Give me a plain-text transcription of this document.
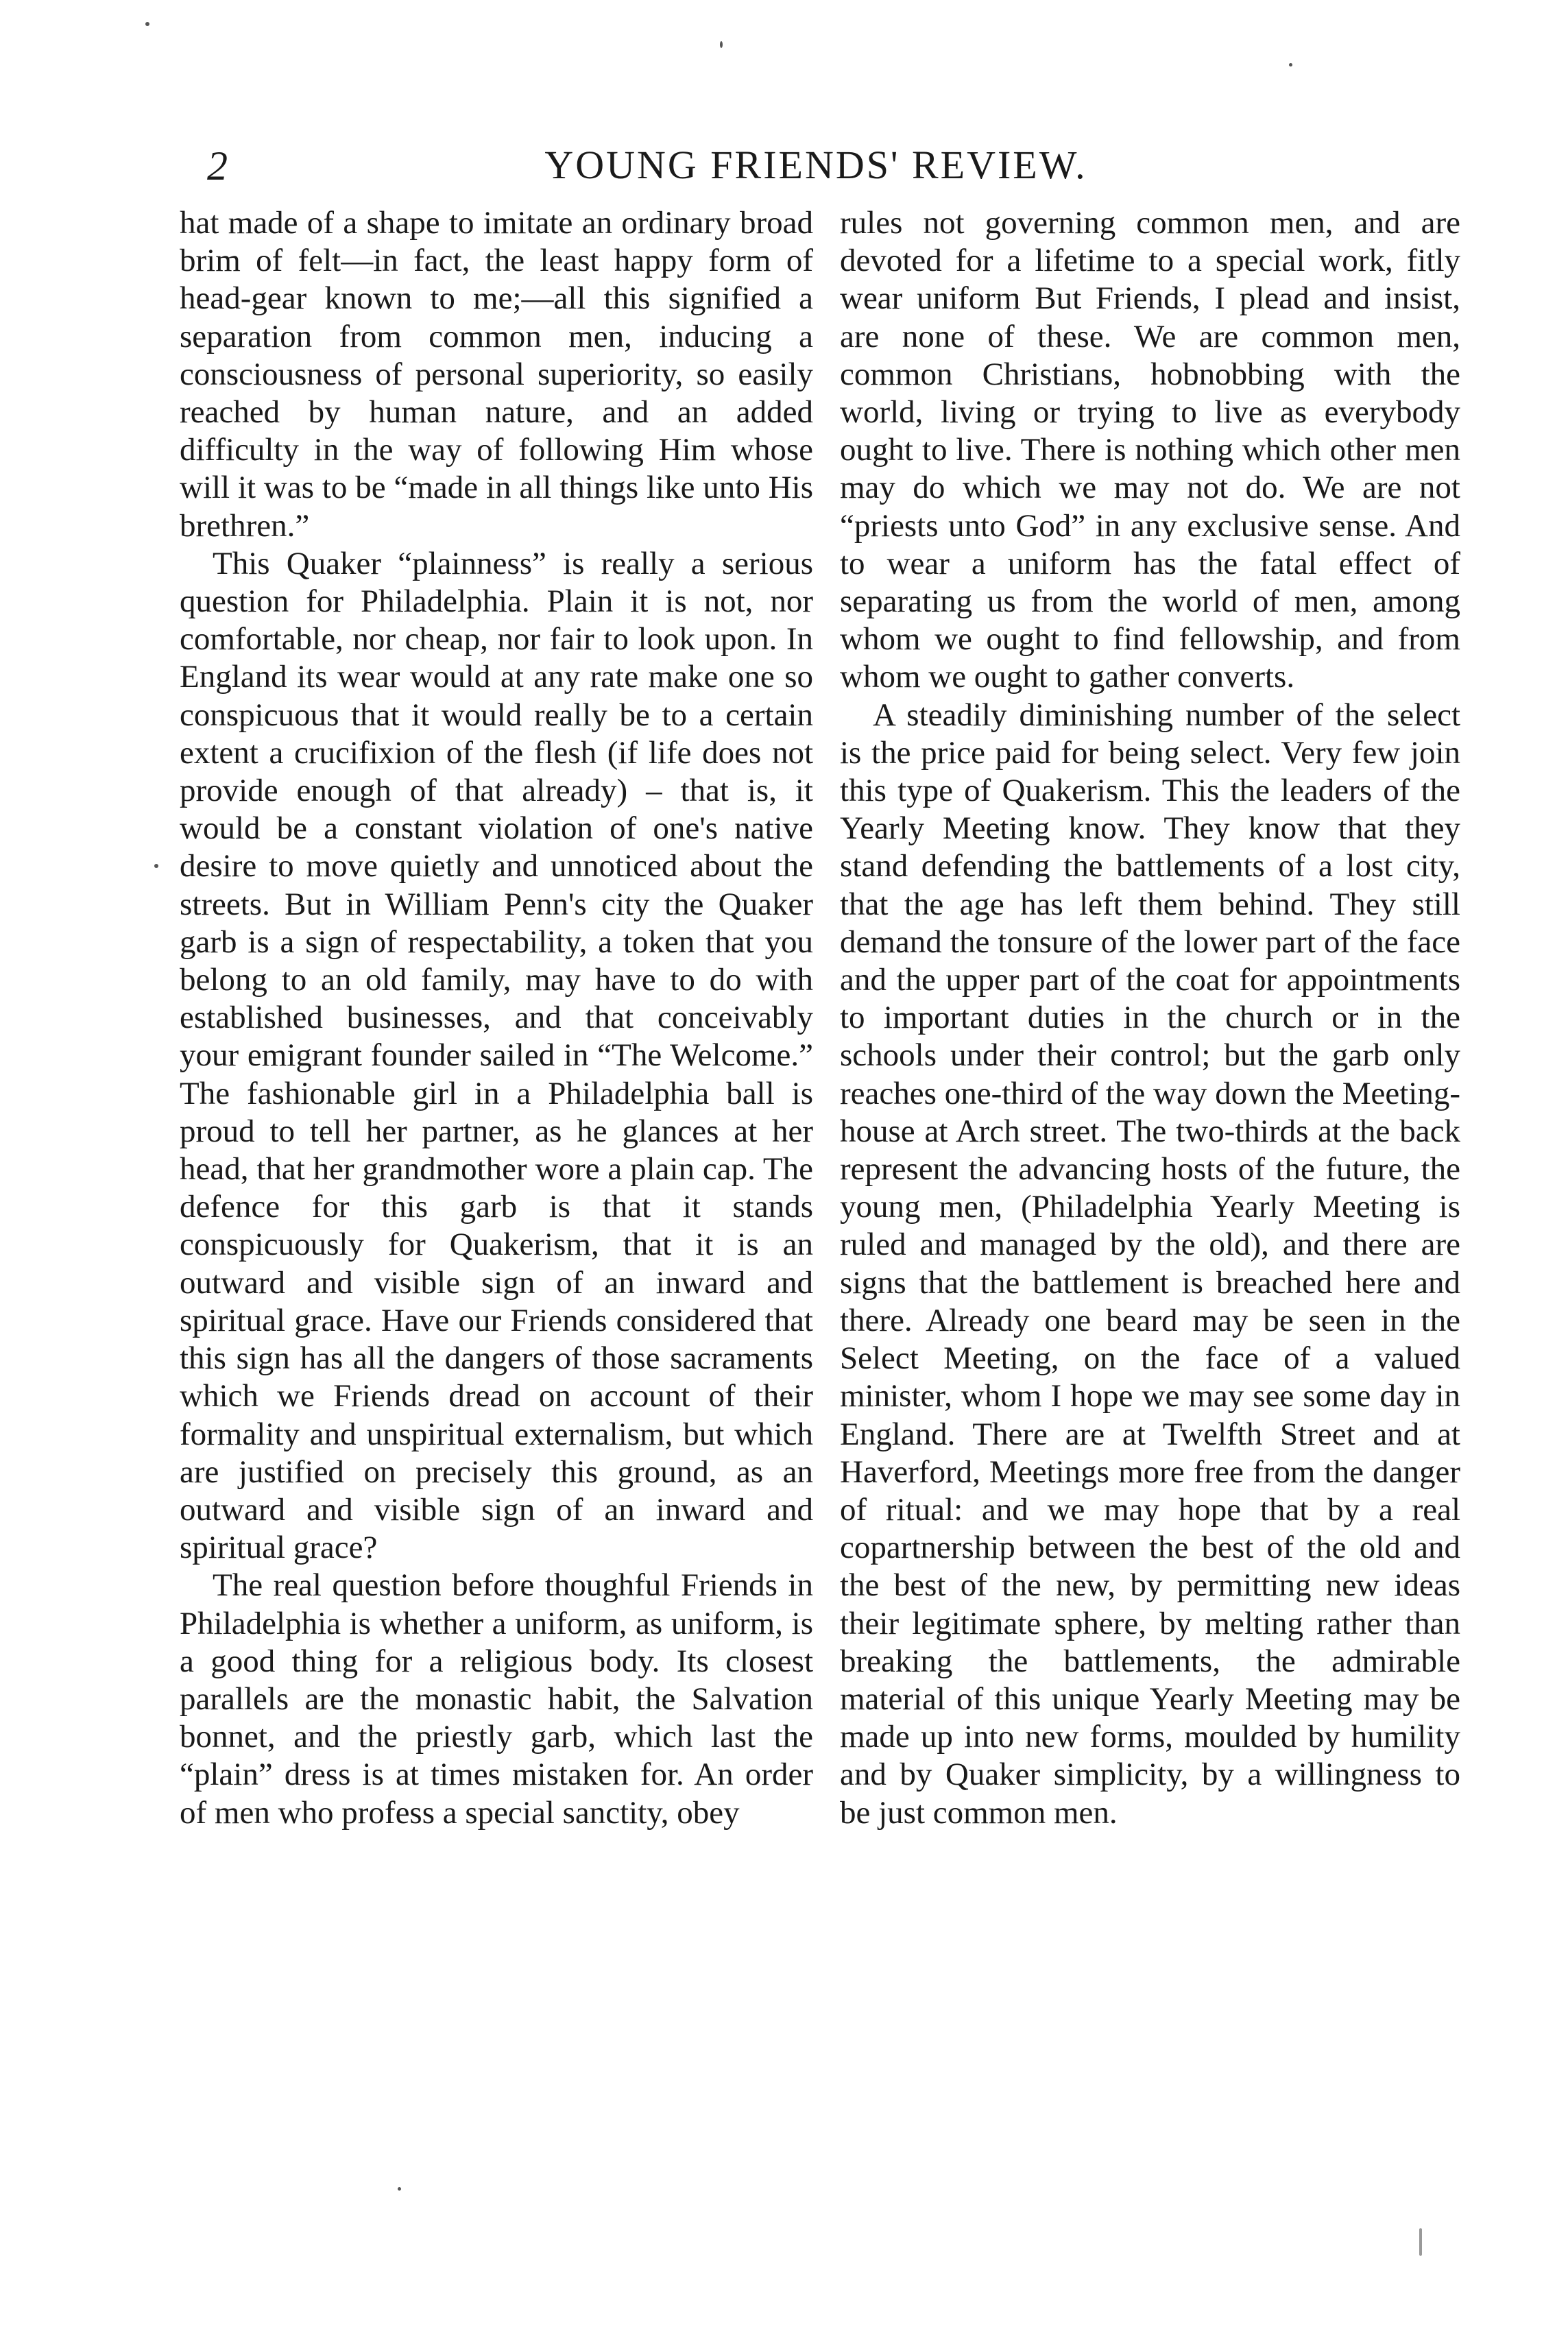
2	YOUNG FRIENDS' REVIEW.

hat made of a shape to imitate an ordinary broad brim of felt—in fact, the least happy form of head-gear known to me;—all this signified a separation from common men, inducing a consciousness of personal superiority, so easily reached by human nature, and an added difficulty in the way of following Him whose will it was to be “made in all things like unto His brethren.”

This Quaker “plainness” is really a serious question for Philadelphia. Plain it is not, nor comfortable, nor cheap, nor fair to look upon. In England its wear would at any rate make one so conspicuous that it would really be to a certain extent a crucifixion of the flesh (if life does not provide enough of that already) – that is, it would be a constant violation of one's native desire to move quietly and unnoticed about the streets. But in William Penn's city the Quaker garb is a sign of respectability, a token that you belong to an old family, may have to do with established businesses, and that conceivably your emigrant founder sailed in “The Welcome.” The fashionable girl in a Philadelphia ball is proud to tell her partner, as he glances at her head, that her grandmother wore a plain cap. The defence for this garb is that it stands conspicuously for Quakerism, that it is an outward and visible sign of an inward and spiritual grace. Have our Friends considered that this sign has all the dangers of those sacraments which we Friends dread on account of their formality and unspiritual externalism, but which are justified on precisely this ground, as an outward and visible sign of an inward and spiritual grace?

The real question before thoughful Friends in Philadelphia is whether a uniform, as uniform, is a good thing for a religious body. Its closest parallels are the monastic habit, the Salvation bonnet, and the priestly garb, which last the “plain” dress is at times mistaken for. An order of men who profess a special sanctity, obey

rules not governing common men, and are devoted for a lifetime to a special work, fitly wear uniform But Friends, I plead and insist, are none of these. We are common men, common Christians, hobnobbing with the world, living or trying to live as everybody ought to live. There is nothing which other men may do which we may not do. We are not “priests unto God” in any exclusive sense. And to wear a uniform has the fatal effect of separating us from the world of men, among whom we ought to find fellowship, and from whom we ought to gather converts.

A steadily diminishing number of the select is the price paid for being select. Very few join this type of Quakerism. This the leaders of the Yearly Meeting know. They know that they stand defending the battlements of a lost city, that the age has left them behind. They still demand the tonsure of the lower part of the face and the upper part of the coat for appointments to important duties in the church or in the schools under their control; but the garb only reaches one-third of the way down the Meeting-house at Arch street. The two-thirds at the back represent the advancing hosts of the future, the young men, (Philadelphia Yearly Meeting is ruled and managed by the old), and there are signs that the battlement is breached here and there. Already one beard may be seen in the Select Meeting, on the face of a valued minister, whom I hope we may see some day in England. There are at Twelfth Street and at Haverford, Meetings more free from the danger of ritual: and we may hope that by a real copartnership between the best of the old and the best of the new, by permitting new ideas their legitimate sphere, by melting rather than breaking the battlements, the admirable material of this unique Yearly Meeting may be made up into new forms, moulded by humility and by Quaker simplicity, by a willingness to be just common men.
